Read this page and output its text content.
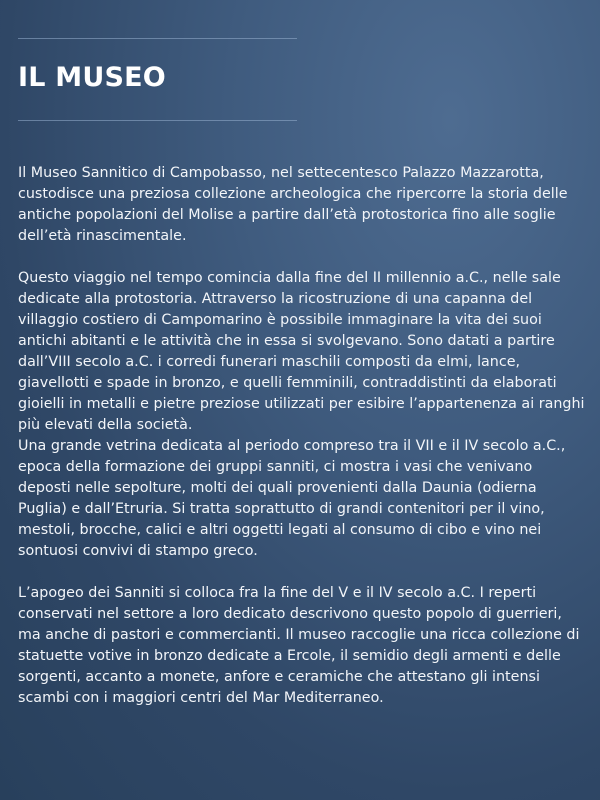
IL MUSEO

Il Museo Sannitico di Campobasso, nel settecentesco Palazzo Mazzarotta, custodisce una preziosa collezione archeologica che ripercorre la storia delle antiche popolazioni del Molise a partire dall’età protostorica fino alle soglie dell’età rinascimentale.

Questo viaggio nel tempo comincia dalla fine del II millennio a.C., nelle sale dedicate alla protostoria. Attraverso la ricostruzione di una capanna del villaggio costiero di Campomarino è possibile immaginare la vita dei suoi antichi abitanti e le attività che in essa si svolgevano. Sono datati a partire dall’VIII secolo a.C. i corredi funerari maschili composti da elmi, lance, giavellotti e spade in bronzo, e quelli femminili, contraddistinti da elaborati gioielli in metalli e pietre preziose utilizzati per esibire l’appartenenza ai ranghi più elevati della società.

Una grande vetrina dedicata al periodo compreso tra il VII e il IV secolo a.C., epoca della formazione dei gruppi sanniti, ci mostra i vasi che venivano deposti nelle sepolture, molti dei quali provenienti dalla Daunia (odierna Puglia) e dall’Etruria. Si tratta soprattutto di grandi contenitori per il vino, mestoli, brocche, calici e altri oggetti legati al consumo di cibo e vino nei sontuosi convivi di stampo greco.

L’apogeo dei Sanniti si colloca fra la fine del V e il IV secolo a.C. I reperti conservati nel settore a loro dedicato descrivono questo popolo di guerrieri, ma anche di pastori e commercianti. Il museo raccoglie una ricca collezione di statuette votive in bronzo dedicate a Ercole, il semidio degli armenti e delle sorgenti, accanto a monete, anfore e ceramiche che attestano gli intensi scambi con i maggiori centri del Mar Mediterraneo.
